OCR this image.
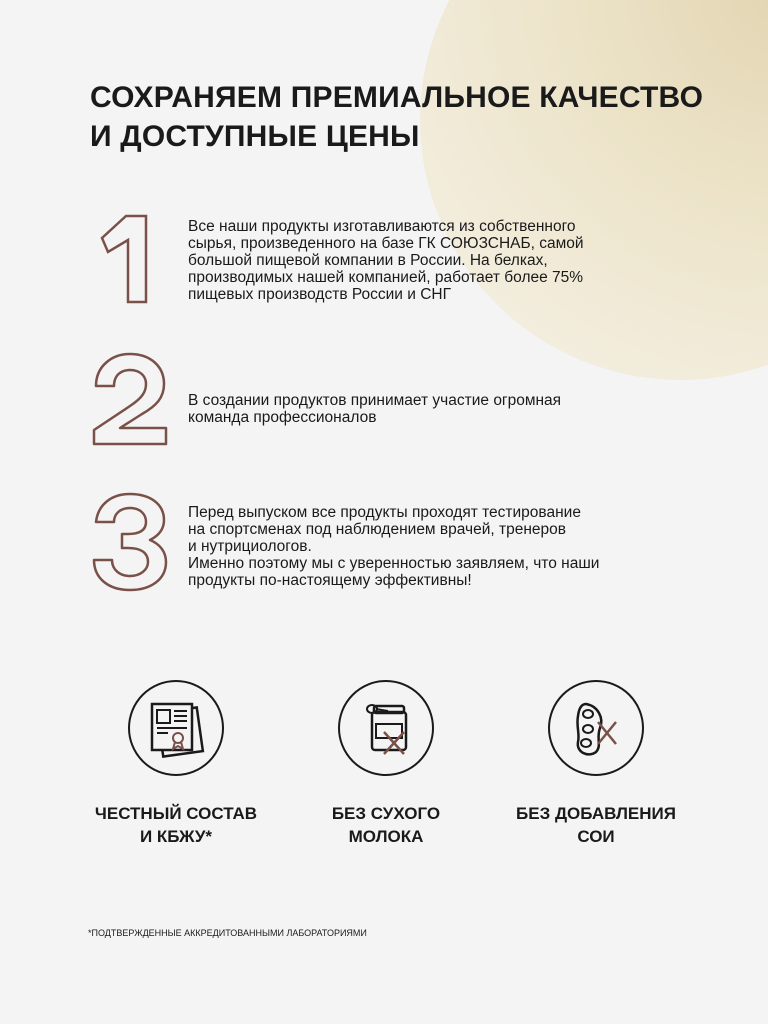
СОХРАНЯЕМ ПРЕМИАЛЬНОЕ КАЧЕСТВО
И ДОСТУПНЫЕ ЦЕНЫ
Все наши продукты изготавливаются из собственного
сырья, произведенного на базе ГК СОЮЗСНАБ, самой
большой пищевой компании в России. На белках,
производимых нашей компанией, работает более 75%
пищевых производств России и СНГ
В создании продуктов принимает участие огромная
команда профессионалов
Перед выпуском все продукты проходят тестирование
на спортсменах под наблюдением врачей, тренеров
и нутрициологов.
Именно поэтому мы с уверенностью заявляем, что наши
продукты по-настоящему эффективны!
ЧЕСТНЫЙ СОСТАВ
И КБЖУ*
БЕЗ СУХОГО
МОЛОКА
БЕЗ ДОБАВЛЕНИЯ
СОИ
*ПОДТВЕРЖДЕННЫЕ АККРЕДИТОВАННЫМИ ЛАБОРАТОРИЯМИ
